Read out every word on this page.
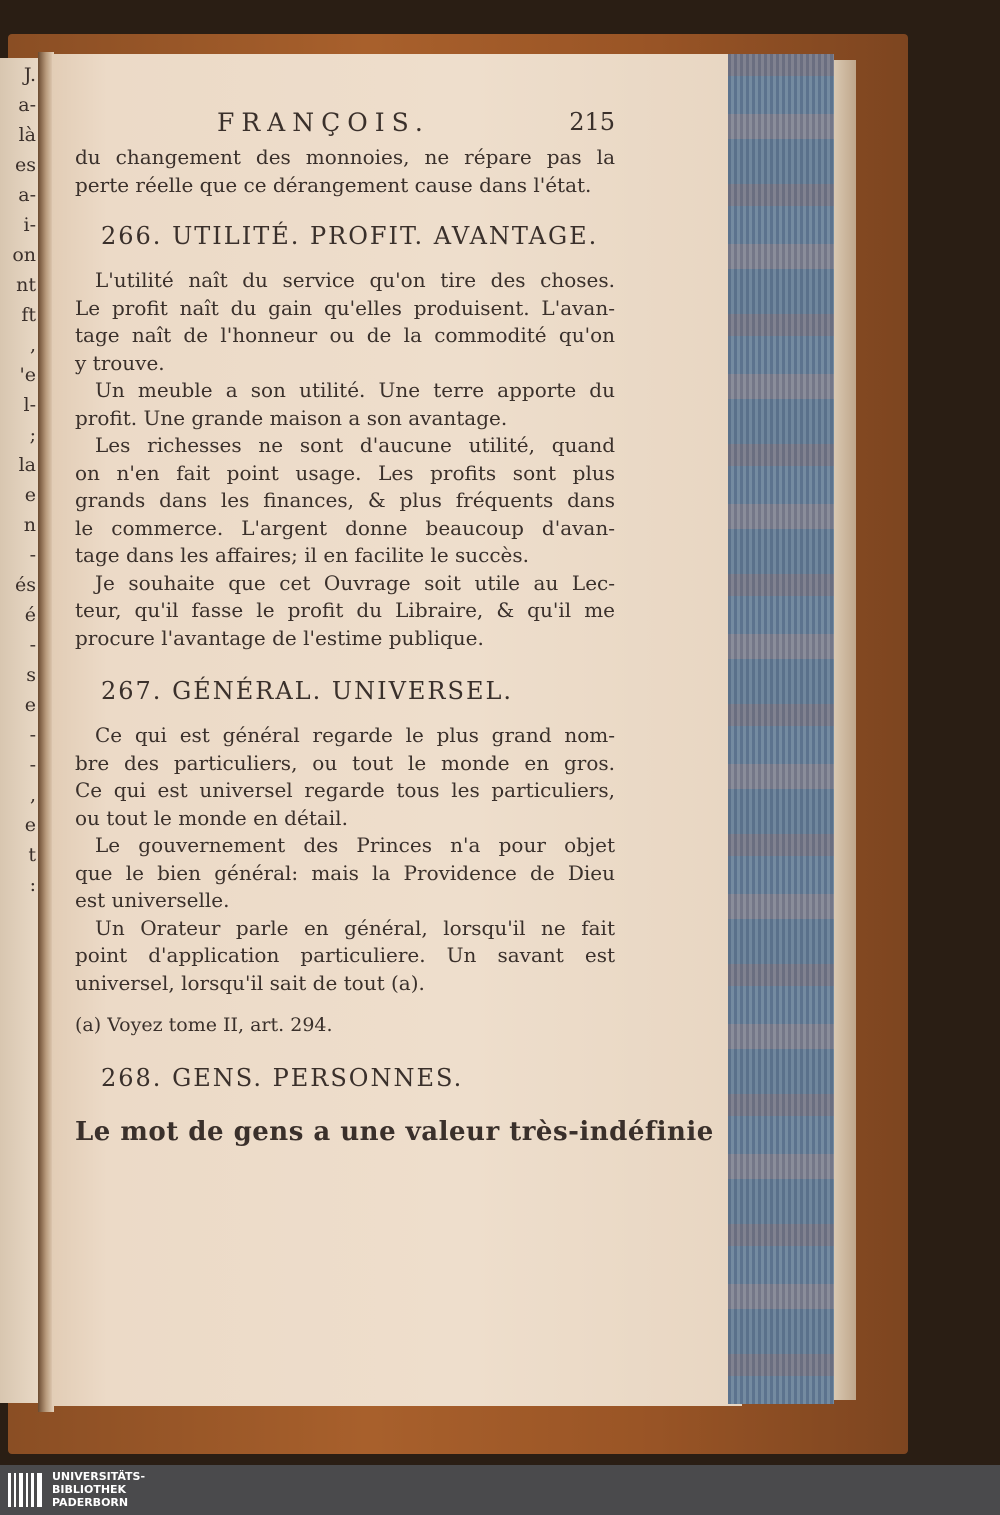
J.
a-
là
es
a-
i-
on
nt
ft
,
'e
l-
;
la
e
n
-
és
é
-
s
e
-
-
,
e
t
:
FRANÇOIS.	215
du changement des monnoies, ne répare pas la
perte réelle que ce dérangement cause dans l'état.
266. UTILITÉ. PROFIT. AVANTAGE.
L'utilité naît du service qu'on tire des choses.
Le profit naît du gain qu'elles produisent. L'avan-
tage naît de l'honneur ou de la commodité qu'on
y trouve.
Un meuble a son utilité. Une terre apporte du
profit. Une grande maison a son avantage.
Les richesses ne sont d'aucune utilité, quand
on n'en fait point usage. Les profits sont plus
grands dans les finances, & plus fréquents dans
le commerce. L'argent donne beaucoup d'avan-
tage dans les affaires; il en facilite le succès.
Je souhaite que cet Ouvrage soit utile au Lec-
teur, qu'il fasse le profit du Libraire, & qu'il me
procure l'avantage de l'estime publique.
267. GÉNÉRAL. UNIVERSEL.
Ce qui est général regarde le plus grand nom-
bre des particuliers, ou tout le monde en gros.
Ce qui est universel regarde tous les particuliers,
ou tout le monde en détail.
Le gouvernement des Princes n'a pour objet
que le bien général: mais la Providence de Dieu
est universelle.
Un Orateur parle en général, lorsqu'il ne fait
point d'application particuliere. Un savant est
universel, lorsqu'il sait de tout (a).
(a) Voyez tome II, art. 294.
268. GENS. PERSONNES.
Le mot de gens a une valeur très-indéfinie
UNIVERSITÄTS-
BIBLIOTHEK
PADERBORN
